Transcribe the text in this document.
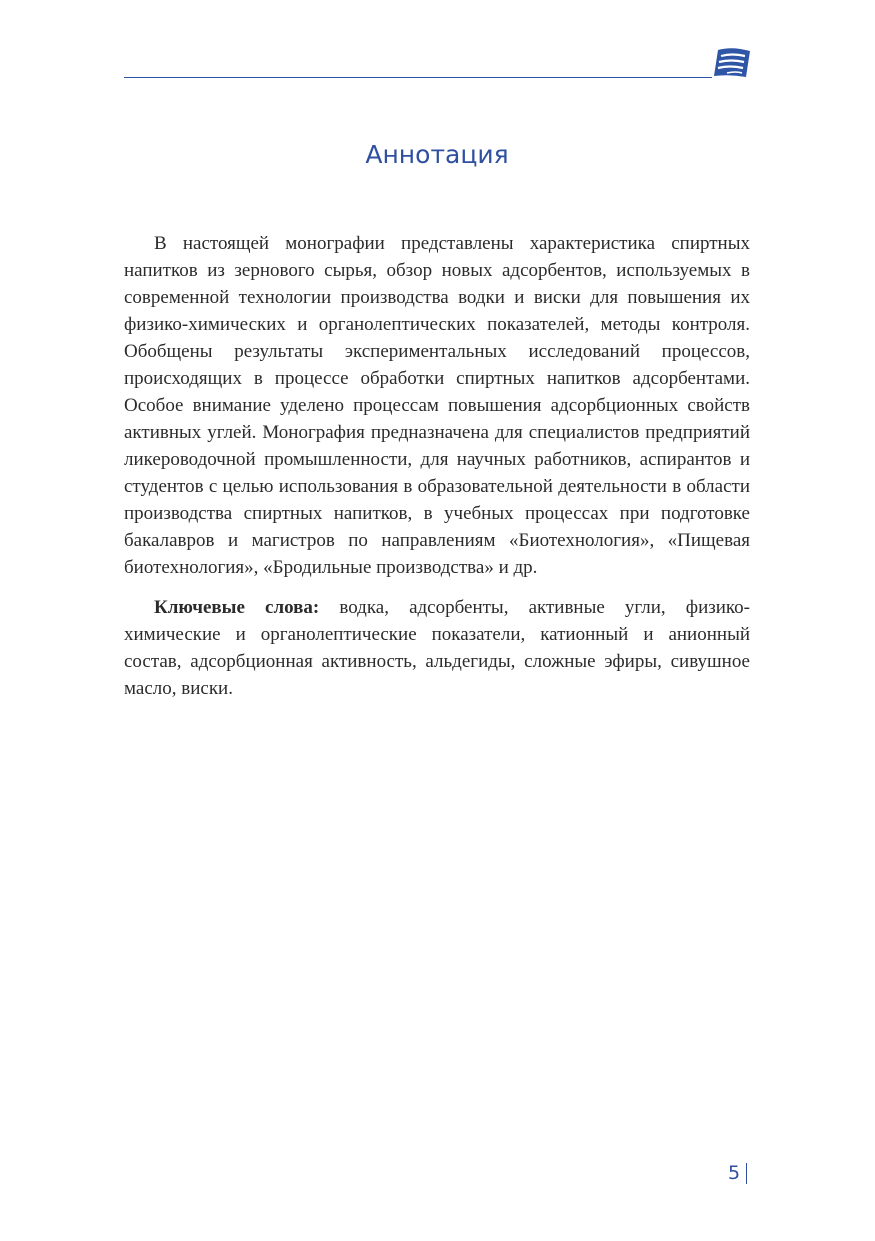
Аннотация

В настоящей монографии представлены характеристика спиртных напитков из зернового сырья, обзор новых адсорбентов, используемых в современной технологии производства водки и виски для повышения их физико-химических и органолептических показателей, методы контроля. Обобщены результаты экспериментальных исследований процессов, происходящих в процессе обработки спиртных напитков адсорбентами. Особое внимание уделено процессам повышения адсорбционных свойств активных углей. Монография предназначена для специалистов предприятий ликероводочной промышленности, для научных работников, аспирантов и студентов с целью использования в образовательной деятельности в области производства спиртных напитков, в учебных процессах при подготовке бакалавров и магистров по направлениям «Биотехнология», «Пищевая биотехнология», «Бродильные производства» и др.

Ключевые слова: водка, адсорбенты, активные угли, физико-химические и органолептические показатели, катионный и анионный состав, адсорбционная активность, альдегиды, сложные эфиры, сивушное масло, виски.

5
